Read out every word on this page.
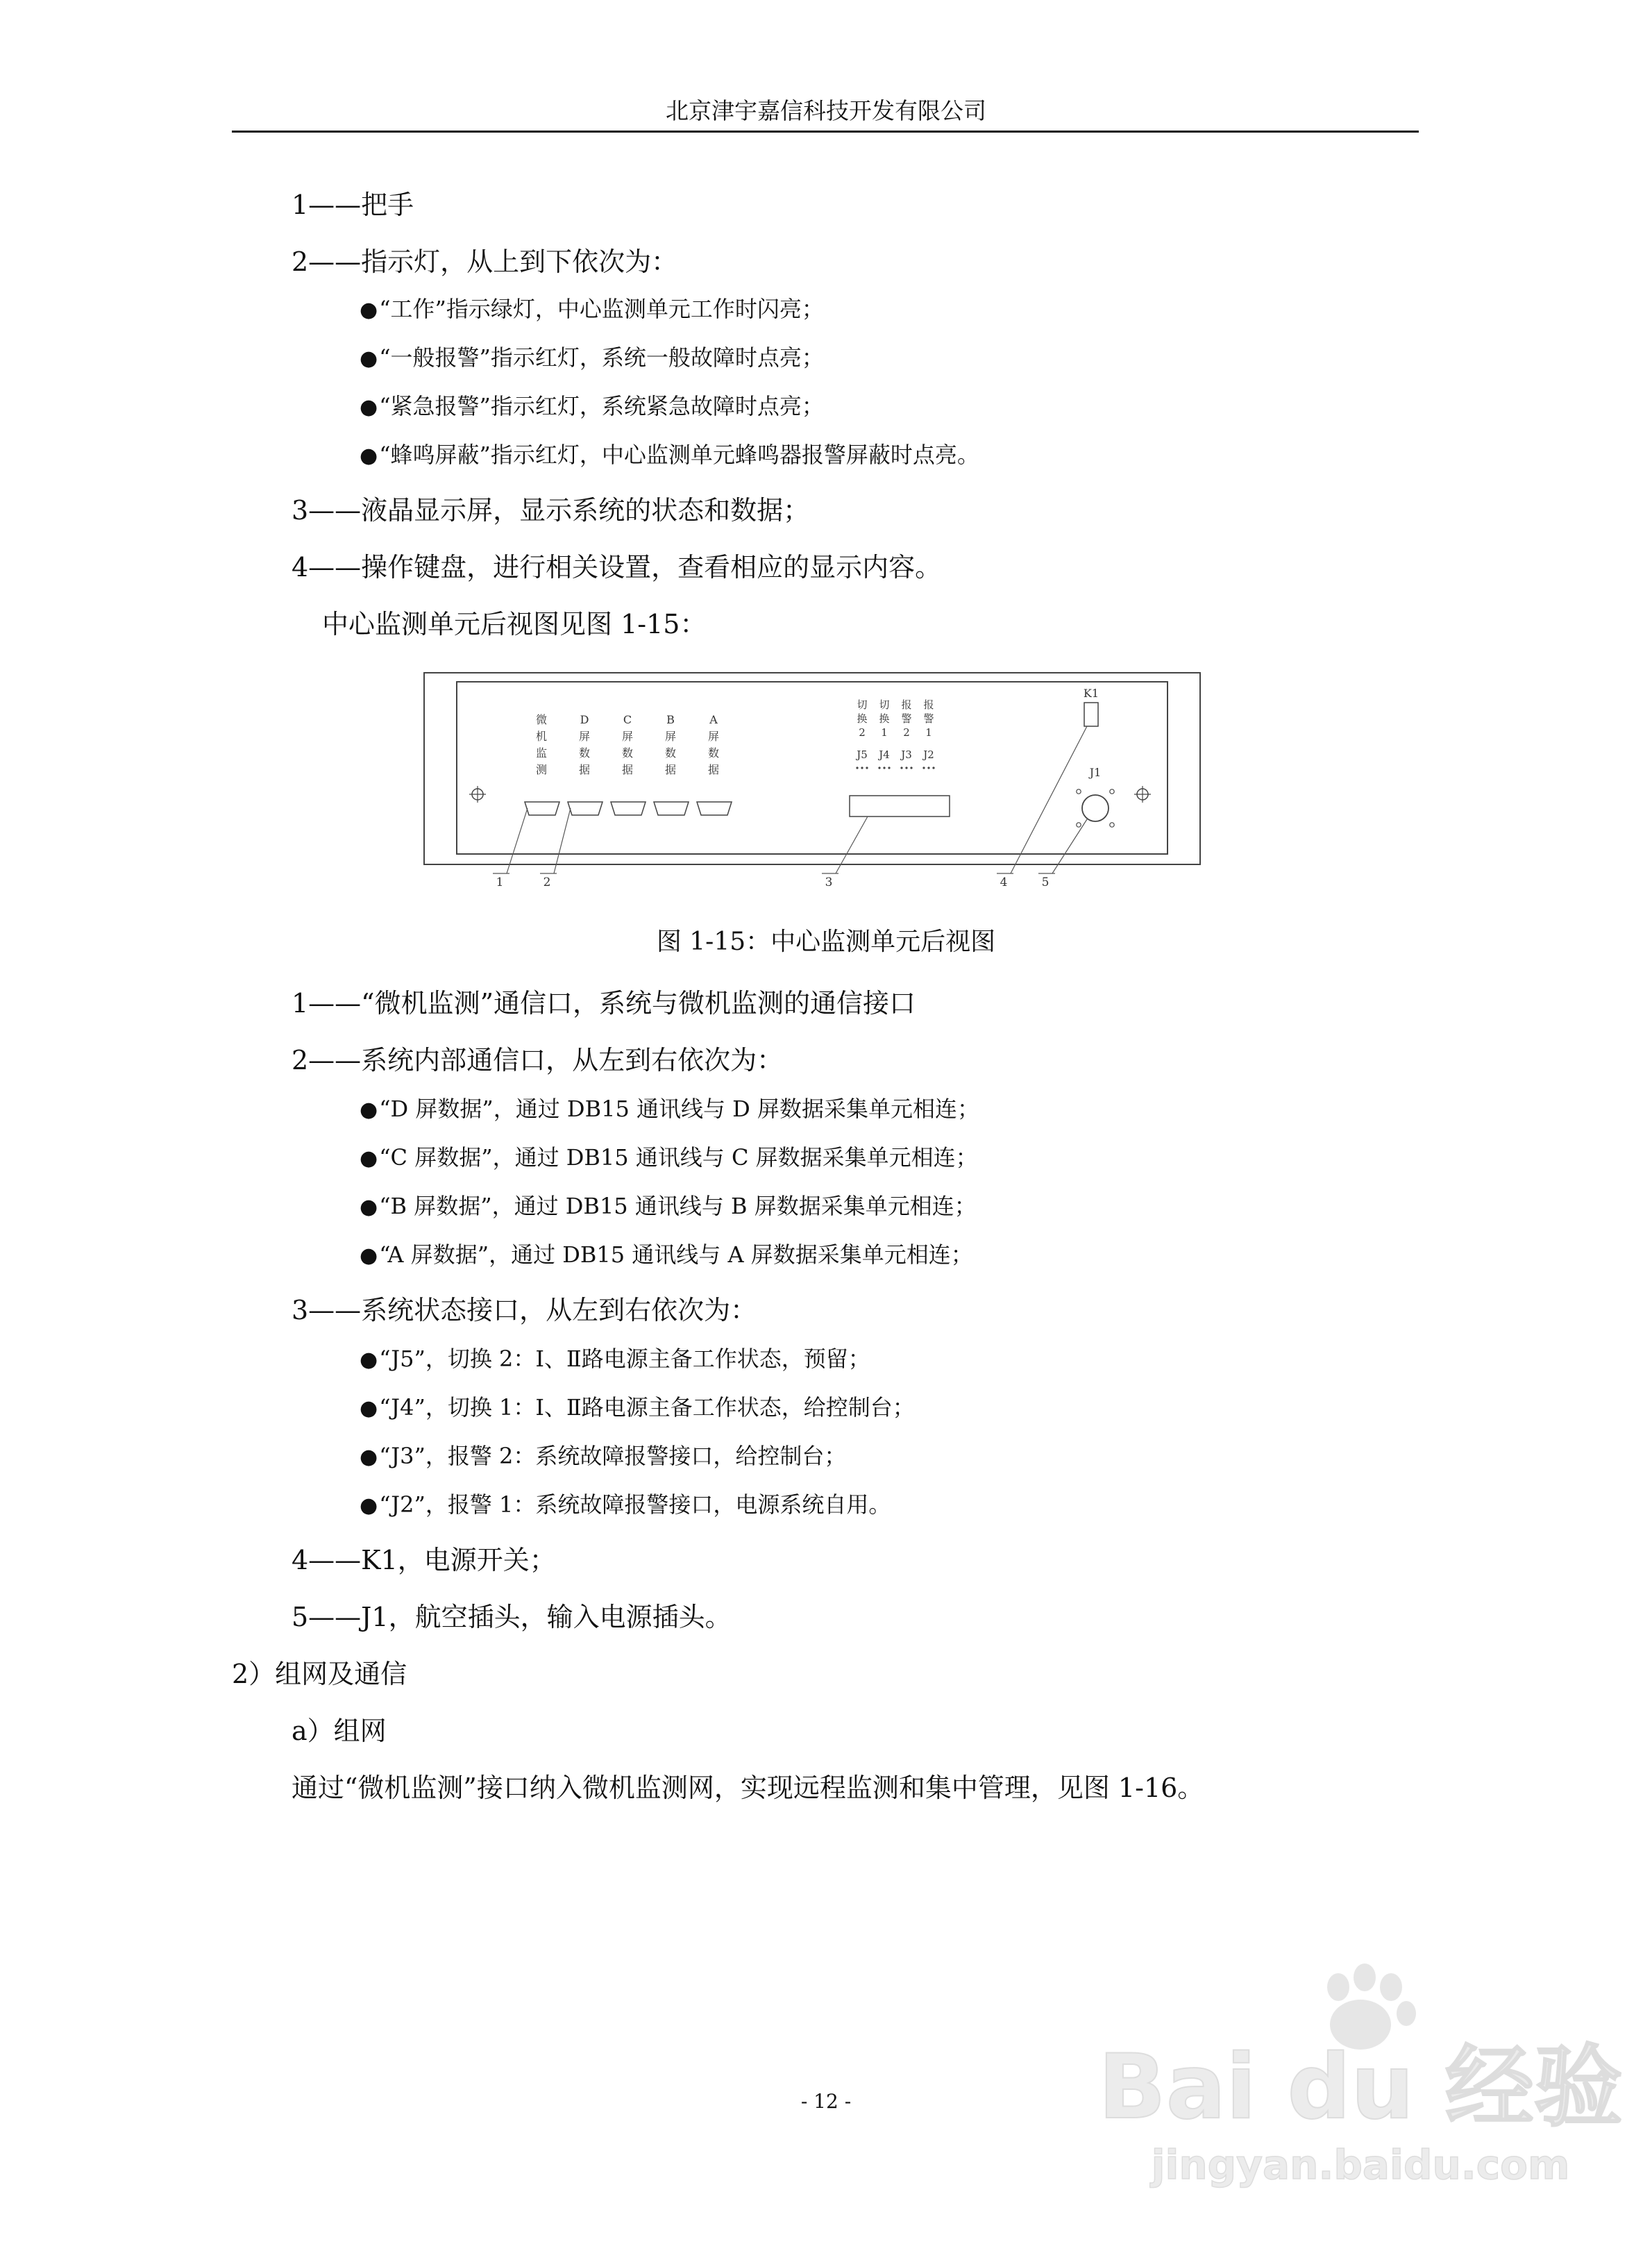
北京津宇嘉信科技开发有限公司
1——把手
2——指示灯，从上到下依次为：
●“工作”指示绿灯，中心监测单元工作时闪亮；
●“一般报警”指示红灯，系统一般故障时点亮；
●“紧急报警”指示红灯，系统紧急故障时点亮；
●“蜂鸣屏蔽”指示红灯，中心监测单元蜂鸣器报警屏蔽时点亮。
3——液晶显示屏，显示系统的状态和数据；
4——操作键盘，进行相关设置，查看相应的显示内容。
中心监测单元后视图见图 1-15：
微
机
监
测
D
屏
数
据
C
屏
数
据
B
屏
数
据
A
屏
数
据
切
换
2
J5
切
换
1
J4
报
警
2
J3
报
警
1
J2
K1
J1
1	2	3	4	5
图 1-15：中心监测单元后视图
1——“微机监测”通信口，系统与微机监测的通信接口
2——系统内部通信口，从左到右依次为：
●“D 屏数据”，通过 DB15 通讯线与 D 屏数据采集单元相连；
●“C 屏数据”，通过 DB15 通讯线与 C 屏数据采集单元相连；
●“B 屏数据”，通过 DB15 通讯线与 B 屏数据采集单元相连；
●“A 屏数据”，通过 DB15 通讯线与 A 屏数据采集单元相连；
3——系统状态接口，从左到右依次为：
●“J5”，切换 2：Ⅰ、Ⅱ路电源主备工作状态，预留；
●“J4”，切换 1：Ⅰ、Ⅱ路电源主备工作状态，给控制台；
●“J3”，报警 2：系统故障报警接口，给控制台；
●“J2”，报警 1：系统故障报警接口，电源系统自用。
4——K1，电源开关；
5——J1，航空插头，输入电源插头。
2）组网及通信
a）组网
通过“微机监测”接口纳入微机监测网，实现远程监测和集中管理，见图 1-16。
Bai du 经验
jingyan.baidu.com
- 12 -
